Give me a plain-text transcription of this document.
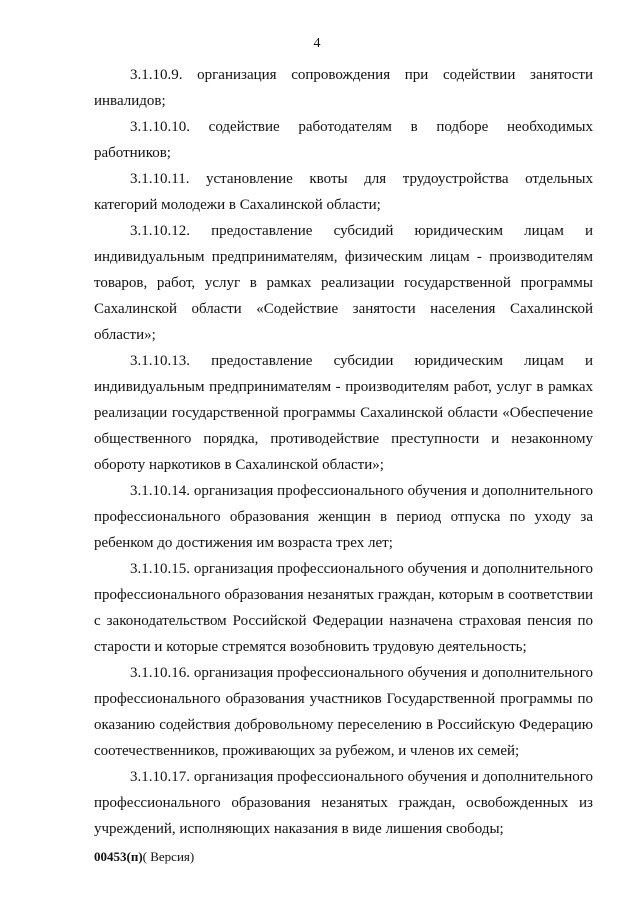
4

3.1.10.9. организация сопровождения при содействии занятости инвалидов;

3.1.10.10. содействие работодателям в подборе необходимых работников;

3.1.10.11. установление квоты для трудоустройства отдельных категорий молодежи в Сахалинской области;

3.1.10.12. предоставление субсидий юридическим лицам и индивидуальным предпринимателям, физическим лицам - производителям товаров, работ, услуг в рамках реализации государственной программы Сахалинской области «Содействие занятости населения Сахалинской области»;

3.1.10.13. предоставление субсидии юридическим лицам и индивидуальным предпринимателям - производителям работ, услуг в рамках реализации государственной программы Сахалинской области «Обеспечение общественного порядка, противодействие преступности и незаконному обороту наркотиков в Сахалинской области»;

3.1.10.14. организация профессионального обучения и дополнительного профессионального образования женщин в период отпуска по уходу за ребенком до достижения им возраста трех лет;

3.1.10.15. организация профессионального обучения и дополнительного профессионального образования незанятых граждан, которым в соответствии с законодательством Российской Федерации назначена страховая пенсия по старости и которые стремятся возобновить трудовую деятельность;

3.1.10.16. организация профессионального обучения и дополнительного профессионального образования участников Государственной программы по оказанию содействия добровольному переселению в Российскую Федерацию соотечественников, проживающих за рубежом, и членов их семей;

3.1.10.17. организация профессионального обучения и дополнительного профессионального образования незанятых граждан, освобожденных из учреждений, исполняющих наказания в виде лишения свободы;

00453(п)( Версия)
